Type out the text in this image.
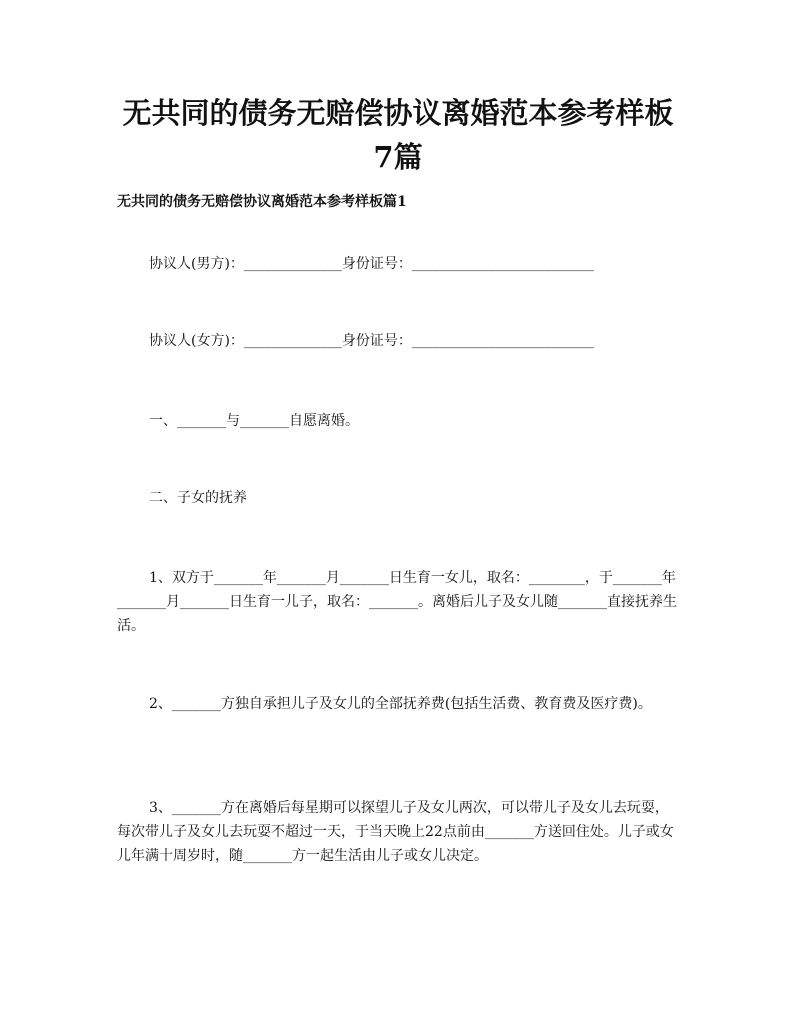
无共同的债务无赔偿协议离婚范本参考样板
7篇
无共同的债务无赔偿协议离婚范本参考样板篇1
协议人(男方)：______________身份证号：__________________________
协议人(女方)：______________身份证号：__________________________
一、_______与_______自愿离婚。
二、子女的抚养
1、双方于_______年_______月_______日生育一女儿，取名：________，于_______年_______月_______日生育一儿子，取名：_______。离婚后儿子及女儿随_______直接抚养生活。
2、_______方独自承担儿子及女儿的全部抚养费(包括生活费、教育费及医疗费)。
3、_______方在离婚后每星期可以探望儿子及女儿两次，可以带儿子及女儿去玩耍，每次带儿子及女儿去玩耍不超过一天，于当天晚上22点前由_______方送回住处。儿子或女儿年满十周岁时，随_______方一起生活由儿子或女儿决定。
